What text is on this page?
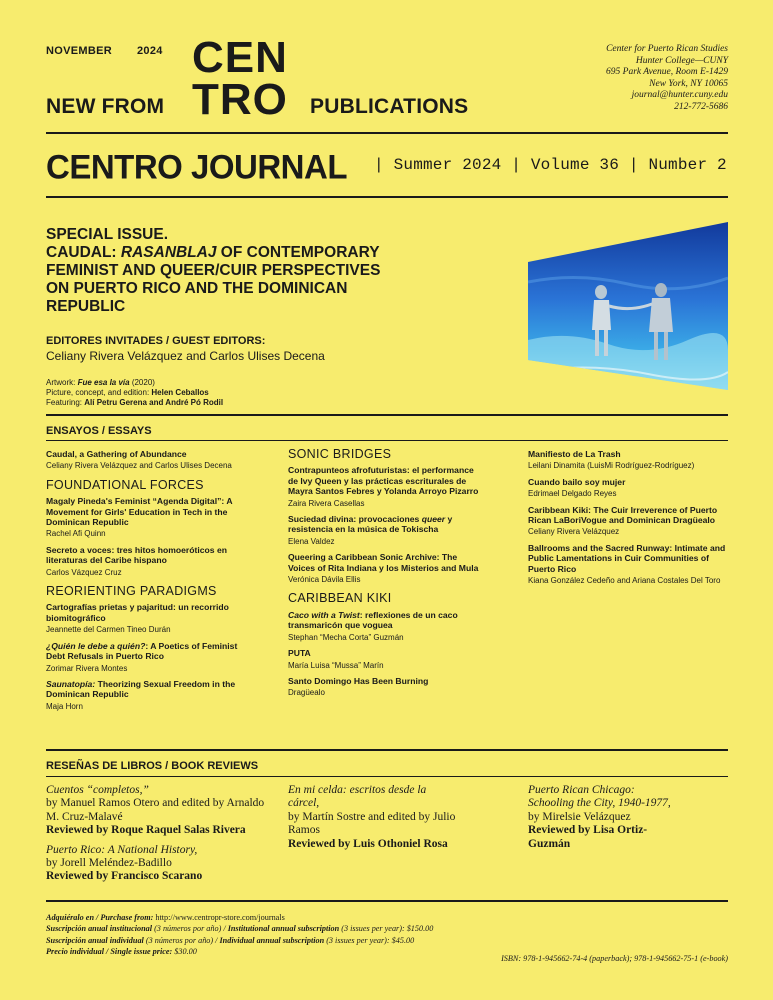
NOVEMBER 2024
NEW FROM
CEN
TRO PUBLICATIONS
Center for Puerto Rican Studies
Hunter College—CUNY
695 Park Avenue, Room E-1429
New York, NY 10065
journal@hunter.cuny.edu
212-772-5686
CENTRO JOURNAL | Summer 2024 | Volume 36 | Number 2
SPECIAL ISSUE.
CAUDAL: RASANBLAJ OF CONTEMPORARY
FEMINIST AND QUEER/CUIR PERSPECTIVES
ON PUERTO RICO AND THE DOMINICAN
REPUBLIC
EDITORES INVITADES / GUEST EDITORS:
Celiany Rivera Velázquez and Carlos Ulises Decena
Artwork: Fue esa la vía (2020)
Picture, concept, and edition: Helen Ceballos
Featuring: Alí Petru Gerena and André Pó Rodil
ENSAYOS / ESSAYS
Caudal, a Gathering of Abundance
Celiany Rivera Velázquez and Carlos Ulises Decena
FOUNDATIONAL FORCES
Magaly Pineda's Feminist “Agenda Digital”: A Movement for Girls' Education in Tech in the Dominican Republic
Rachel Afi Quinn
Secreto a voces: tres hitos homoeróticos en literaturas del Caribe hispano
Carlos Vázquez Cruz
REORIENTING PARADIGMS
Cartografías prietas y pajaritud: un recorrido biomitográfico
Jeannette del Carmen Tineo Durán
¿Quién le debe a quién?: A Poetics of Feminist Debt Refusals in Puerto Rico
Zorimar Rivera Montes
Saunatopía: Theorizing Sexual Freedom in the Dominican Republic
Maja Horn
SONIC BRIDGES
Contrapunteos afrofuturistas: el performance de Ivy Queen y las prácticas escriturales de Mayra Santos Febres y Yolanda Arroyo Pizarro
Zaira Rivera Casellas
Suciedad divina: provocaciones queer y resistencia en la música de Tokischa
Elena Valdez
Queering a Caribbean Sonic Archive: The Voices of Rita Indiana y los Misterios and Mula
Verónica Dávila Ellis
CARIBBEAN KIKI
Caco with a Twist: reflexiones de un caco transmaricón que voguea
Stephan “Mecha Corta” Guzmán
PUTA
María Luisa “Mussa” Marín
Santo Domingo Has Been Burning
Dragüealo
Manifiesto de La Trash
Leilani Dinamita (LuisMi Rodríguez-Rodríguez)
Cuando bailo soy mujer
Edrimael Delgado Reyes
Caribbean Kiki: The Cuir Irreverence of Puerto Rican LaBoriVogue and Dominican Dragüealo
Celiany Rivera Velázquez
Ballrooms and the Sacred Runway: Intimate and Public Lamentations in Cuir Communities of Puerto Rico
Kiana González Cedeño and Ariana Costales Del Toro
RESEÑAS DE LIBROS / BOOK REVIEWS
Cuentos “completos,”
by Manuel Ramos Otero and edited by Arnaldo M. Cruz-Malavé
Reviewed by Roque Raquel Salas Rivera
Puerto Rico: A National History,
by Jorell Meléndez-Badillo
Reviewed by Francisco Scarano
En mi celda: escritos desde la cárcel,
by Martín Sostre and edited by Julio Ramos
Reviewed by Luis Othoniel Rosa
Puerto Rican Chicago: Schooling the City, 1940-1977,
by Mirelsie Velázquez
Reviewed by Lisa Ortiz-Guzmán
Adquiéralo en / Purchase from: http://www.centropr-store.com/journals
Suscripción anual institucional (3 números por año) / Institutional annual subscription (3 issues per year): $150.00
Suscripción anual individual (3 números por año) / Individual annual subscription (3 issues per year): $45.00
Precio individual / Single issue price: $30.00
ISBN: 978-1-945662-74-4 (paperback); 978-1-945662-75-1 (e-book)
